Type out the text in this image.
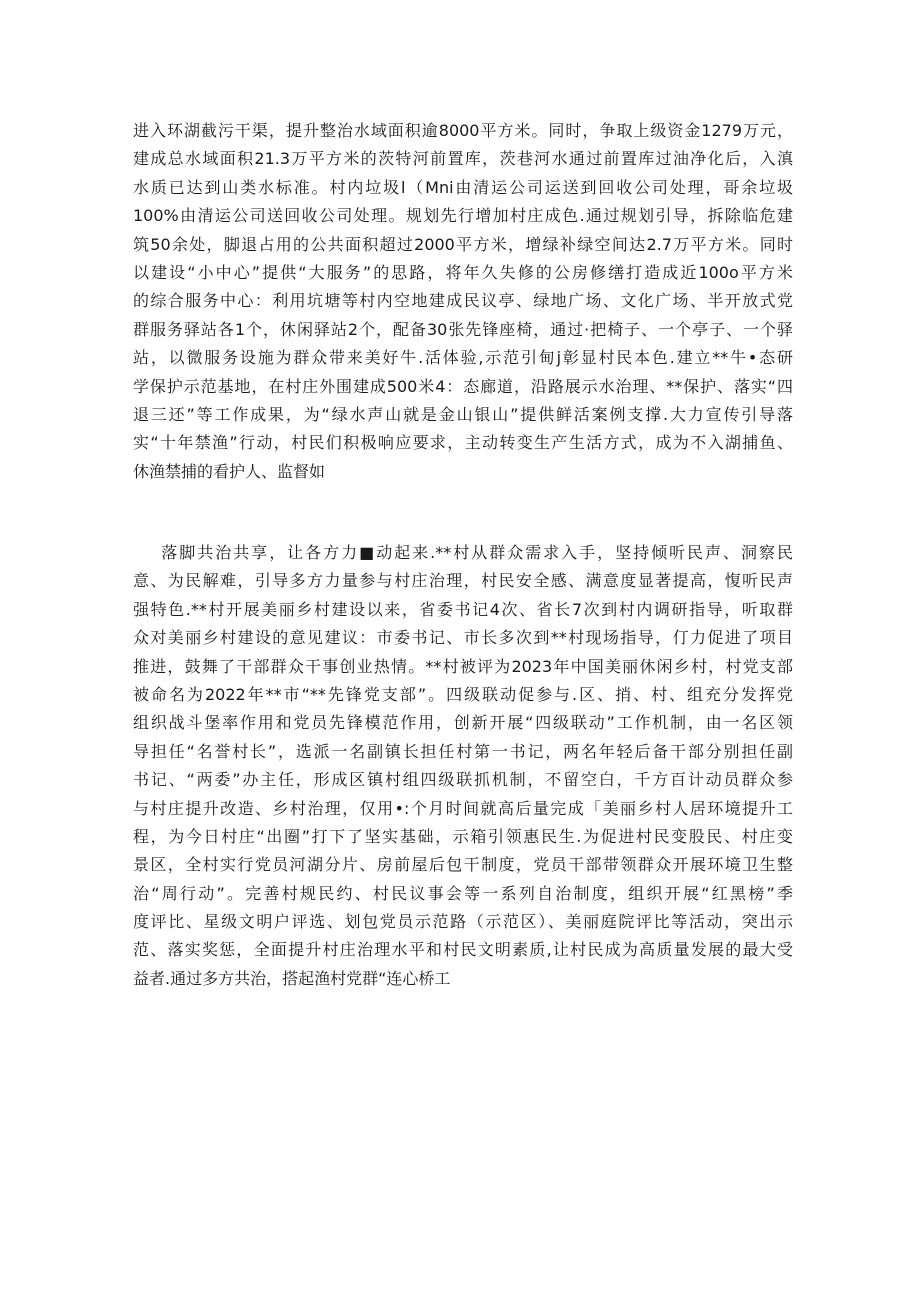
进入环湖截污干渠，提升整治水域面积逾8000平方米。同时，争取上级资金1279万元，
建成总水域面积21.3万平方米的茨特河前置库，茨巷河水通过前置库过油净化后，入滇
水质已达到山类水标准。村内垃圾l（Mni由清运公司运送到回收公司处理，哥余垃圾
100%由清运公司送回收公司处理。规划先行增加村庄成色.通过规划引导，拆除临危建
筑50余处，脚退占用的公共面积超过2000平方米，增绿补绿空间达2.7万平方米。同时
以建设“小中心”提供“大服务”的思路，将年久失修的公房修缮打造成近100o平方米
的综合服务中心：利用坑塘等村内空地建成民议亭、绿地广场、文化广场、半开放式党
群服务驿站各1个，休闲驿站2个，配备30张先锋座椅，通过·把椅子、一个亭子、一个驿
站，以微服务设施为群众带来美好牛.活体验,示范引甸j彰显村民本色.建立**牛•态研
学保护示范基地，在村庄外围建成500米4：态廊道，沿路展示水治理、**保护、落实“四
退三还”等工作成果，为“绿水声山就是金山银山”提供鲜活案例支撑.大力宣传引导落
实“十年禁渔”行动，村民们积极响应要求，主动转变生产生活方式，成为不入湖捕鱼、
休渔禁捕的看护人、监督如
落脚共治共享，让各方力■动起来.**村从群众需求入手，坚持倾听民声、洞察民
意、为民解难，引导多方力量参与村庄治理，村民安全感、满意度显著提高，愎听民声
强特色.**村开展美丽乡村建设以来，省委书记4次、省长7次到村内调研指导，听取群
众对美丽乡村建设的意见建议：市委书记、市长多次到**村现场指导，仃力促进了项目
推进，鼓舞了干部群众干事创业热情。**村被评为2023年中国美丽休闲乡村，村党支部
被命名为2022年**市“**先锋党支部”。四级联动促参与.区、捎、村、组充分发挥党
组织战斗堡率作用和党员先锋模范作用，创新开展“四级联动”工作机制，由一名区领
导担任“名誉村长”，选派一名副镇长担任村第一书记，两名年轻后备干部分别担任副
书记、“两委”办主任，形成区镇村组四级联抓机制，不留空白，千方百计动员群众参
与村庄提升改造、乡村治理，仅用•:个月时间就高后量完成「美丽乡村人居环境提升工
程，为今日村庄“出圈”打下了坚实基础，示箱引领惠民生.为促进村民变股民、村庄变
景区，全村实行党员河湖分片、房前屋后包干制度，党员干部带领群众开展环境卫生整
治“周行动”。完善村规民约、村民议事会等一系列自治制度，组织开展“红黑榜”季
度评比、星级文明户评选、划包党员示范路（示范区）、美丽庭院评比等活动，突出示
范、落实奖惩，全面提升村庄治理水平和村民文明素质,让村民成为高质量发展的最大受
益者.通过多方共治，搭起渔村党群“连心桥工
